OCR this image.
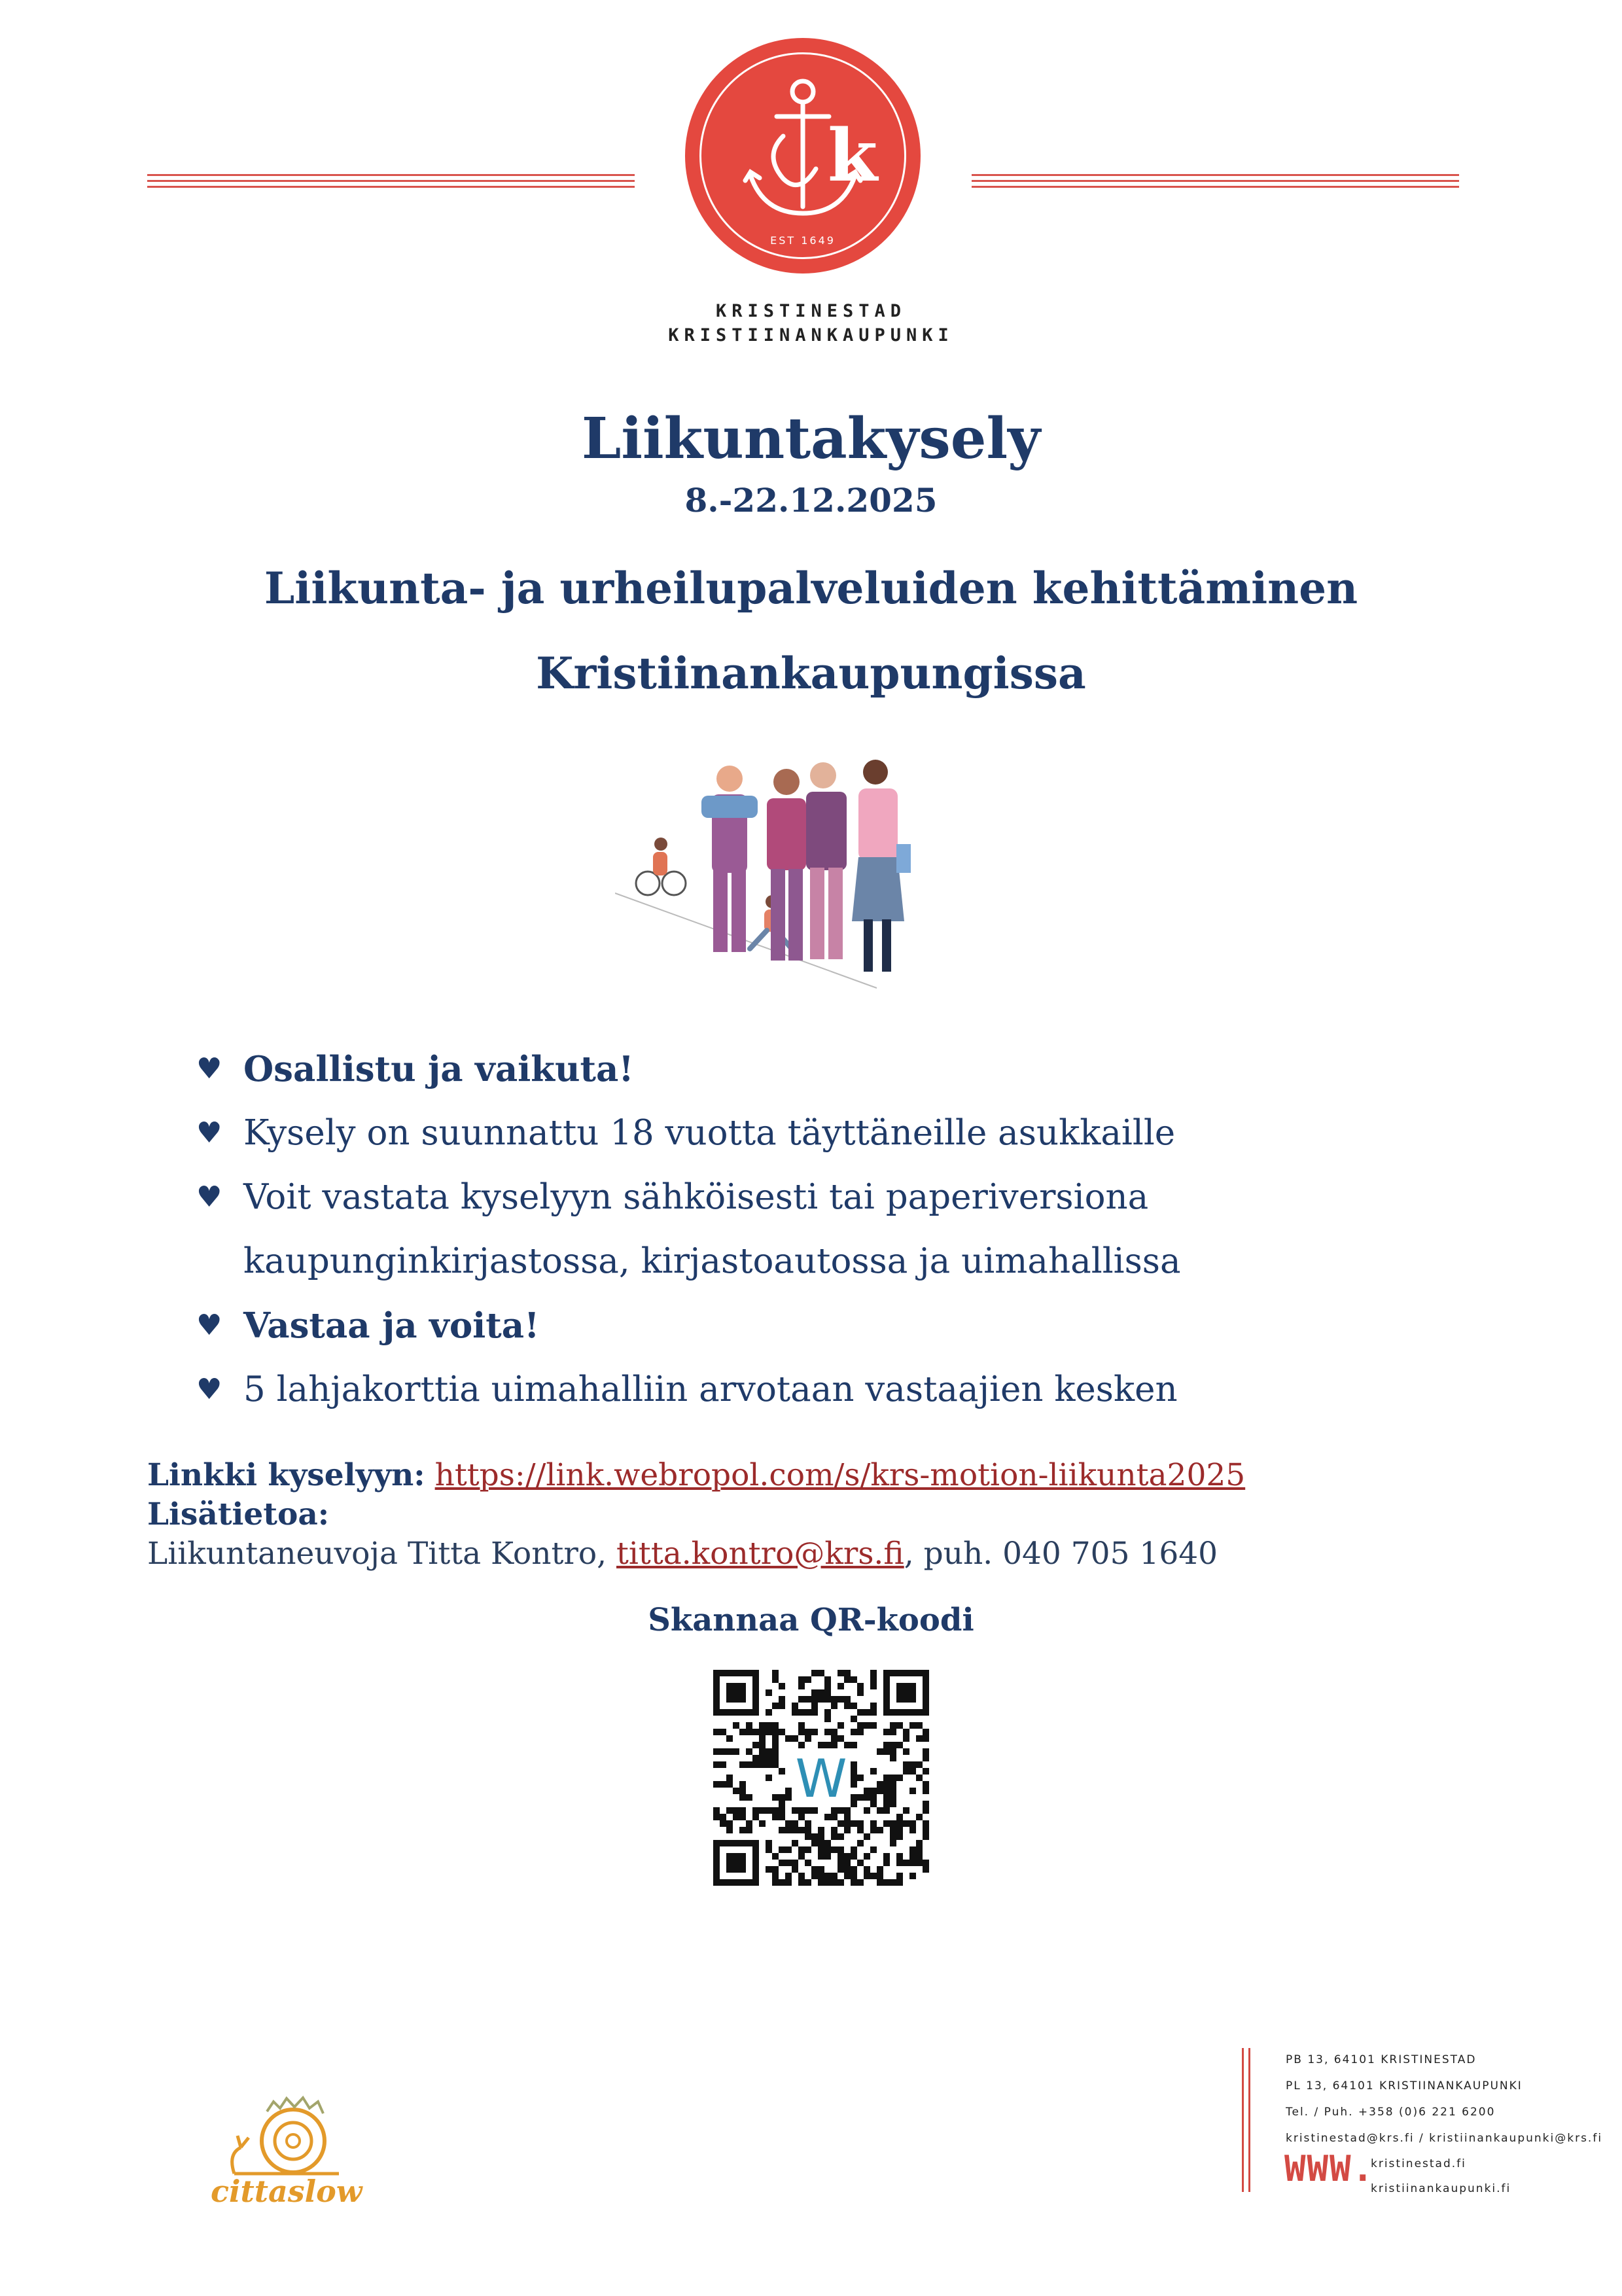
k
EST 1649
KRISTINESTAD
KRISTIINANKAUPUNKI
Liikuntakysely
8.-22.12.2025
Liikunta- ja urheilupalveluiden kehittäminen
Kristiinankaupungissa
♥ Osallistu ja vaikuta!
♥ Kysely on suunnattu 18 vuotta täyttäneille asukkaille
♥ Voit vastata kyselyyn sähköisesti tai paperiversiona
kaupunginkirjastossa, kirjastoautossa ja uimahallissa
♥ Vastaa ja voita!
♥ 5 lahjakorttia uimahalliin arvotaan vastaajien kesken
Linkki kyselyyn: https://link.webropol.com/s/krs-motion-liikunta2025
Lisätietoa:
Liikuntaneuvoja Titta Kontro, titta.kontro@krs.fi, puh. 040 705 1640
Skannaa QR-koodi
W
cittaslow
PB 13, 64101 KRISTINESTAD
PL 13, 64101 KRISTIINANKAUPUNKI
Tel. / Puh. +358 (0)6 221 6200
kristinestad@krs.fi / kristiinankaupunki@krs.fi
WWW.
kristinestad.fi
kristiinankaupunki.fi
